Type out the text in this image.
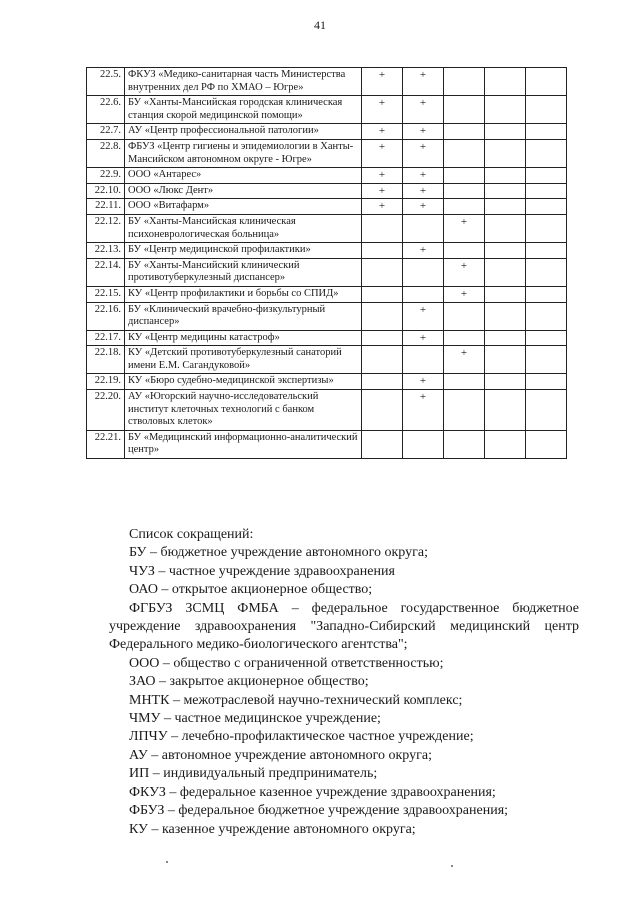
41
22.5.	ФКУЗ «Медико-санитарная часть Министерства внутренних дел РФ по ХМАО – Югре»	+	+			
22.6.	БУ «Ханты-Мансийская городская клиническая станция скорой медицинской помощи»	+	+			
22.7.	АУ «Центр профессиональной патологии»	+	+			
22.8.	ФБУЗ «Центр гигиены и эпидемиологии в Ханты-Мансийском автономном округе - Югре»	+	+			
22.9.	ООО «Антарес»	+	+			
22.10.	ООО «Люкс Дент»	+	+			
22.11.	ООО «Витафарм»	+	+			
22.12.	БУ «Ханты-Мансийская клиническая психоневрологическая больница»			+		
22.13.	БУ «Центр медицинской профилактики»		+			
22.14.	БУ «Ханты-Мансийский клинический противотуберкулезный диспансер»			+		
22.15.	КУ «Центр профилактики и борьбы со СПИД»			+		
22.16.	БУ «Клинический врачебно-физкультурный диспансер»		+			
22.17.	КУ «Центр медицины катастроф»		+			
22.18.	КУ «Детский противотуберкулезный санаторий имени Е.М. Сагандуковой»			+		
22.19.	КУ «Бюро судебно-медицинской экспертизы»		+			
22.20.	АУ «Югорский научно-исследовательский институт клеточных технологий с банком стволовых клеток»		+			
22.21.	БУ «Медицинский информационно-аналитический центр»					
Список сокращений:
БУ – бюджетное учреждение автономного округа;
ЧУЗ – частное учреждение здравоохранения
ОАО – открытое акционерное общество;
ФГБУЗ ЗСМЦ ФМБА – федеральное государственное бюджетное учреждение здравоохранения "Западно-Сибирский медицинский центр Федерального медико-биологического агентства";
ООО – общество с ограниченной ответственностью;
ЗАО – закрытое акционерное общество;
МНТК – межотраслевой научно-технический комплекс;
ЧМУ – частное медицинское учреждение;
ЛПЧУ – лечебно-профилактическое частное учреждение;
АУ – автономное учреждение автономного округа;
ИП – индивидуальный предприниматель;
ФКУЗ – федеральное казенное учреждение здравоохранения;
ФБУЗ – федеральное бюджетное учреждение здравоохранения;
КУ – казенное учреждение автономного округа;
